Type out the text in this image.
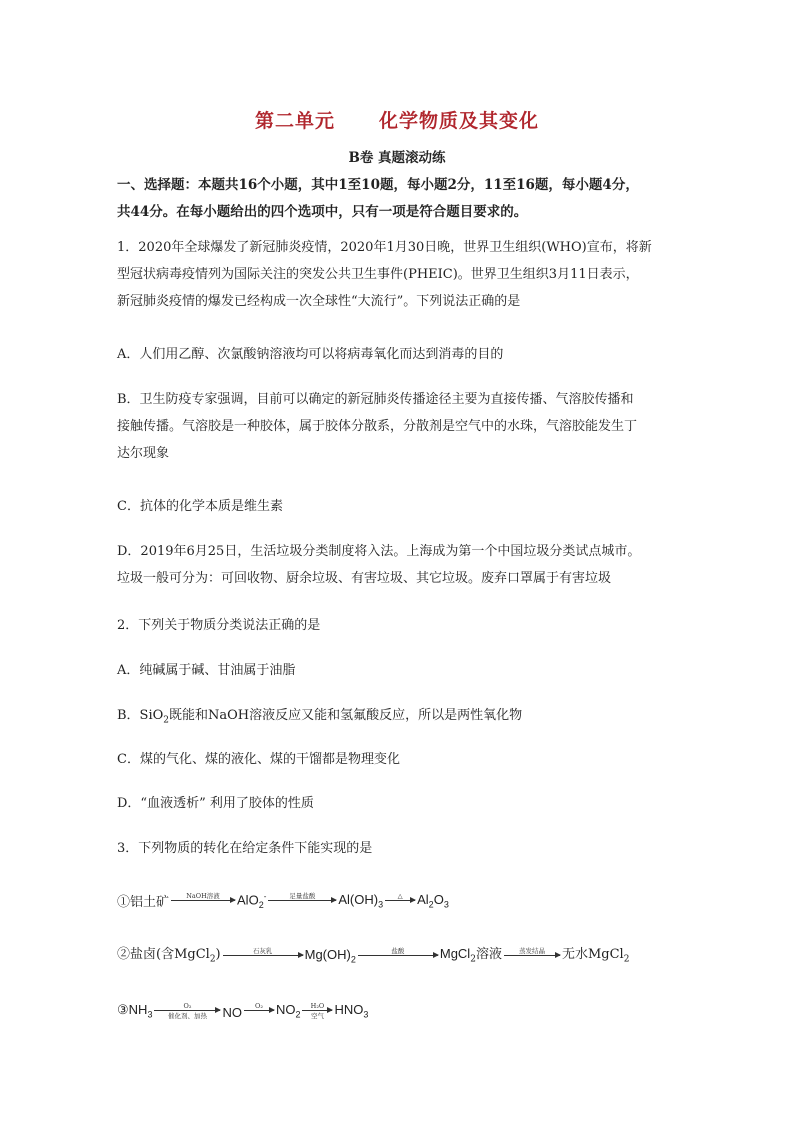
第二单元 化学物质及其变化
B卷 真题滚动练
一、选择题：本题共16个小题，其中1至10题，每小题2分，11至16题，每小题4分，
共44分。在每小题给出的四个选项中，只有一项是符合题目要求的。
1．2020年全球爆发了新冠肺炎疫情，2020年1月30日晚，世界卫生组织(WHO)宣布，将新
型冠状病毒疫情列为国际关注的突发公共卫生事件(PHEIC)。世界卫生组织3月11日表示，
新冠肺炎疫情的爆发已经构成一次全球性“大流行”。下列说法正确的是
A．人们用乙醇、次氯酸钠溶液均可以将病毒氧化而达到消毒的目的
B．卫生防疫专家强调，目前可以确定的新冠肺炎传播途径主要为直接传播、气溶胶传播和
接触传播。气溶胶是一种胶体，属于胶体分散系，分散剂是空气中的水珠，气溶胶能发生丁
达尔现象
C．抗体的化学本质是维生素
D．2019年6月25日，生活垃圾分类制度将入法。上海成为第一个中国垃圾分类试点城市。
垃圾一般可分为：可回收物、厨余垃圾、有害垃圾、其它垃圾。废弃口罩属于有害垃圾
2．下列关于物质分类说法正确的是
A．纯碱属于碱、甘油属于油脂
B．SiO$_2$既能和NaOH溶液反应又能和氢氟酸反应，所以是两性氧化物
C．煤的气化、煤的液化、煤的干馏都是物理变化
D．“血液透析” 利用了胶体的性质
3．下列物质的转化在给定条件下能实现的是
①铝土矿	NaOH溶液 AlO$_2$-	足量盐酸 $Al(OH)_3$
△ $Al_2O_3$
②盐卤(含MgCl$_2$)	石灰乳 $Mg(OH)_2$
盐酸	MgCl$_2$溶液	蒸发结晶 无水MgCl$_2$
$③NH_3$
O₂
催化剂、加热 NO O₂ $NO_2$
H₂O
空气 $HNO_3$
